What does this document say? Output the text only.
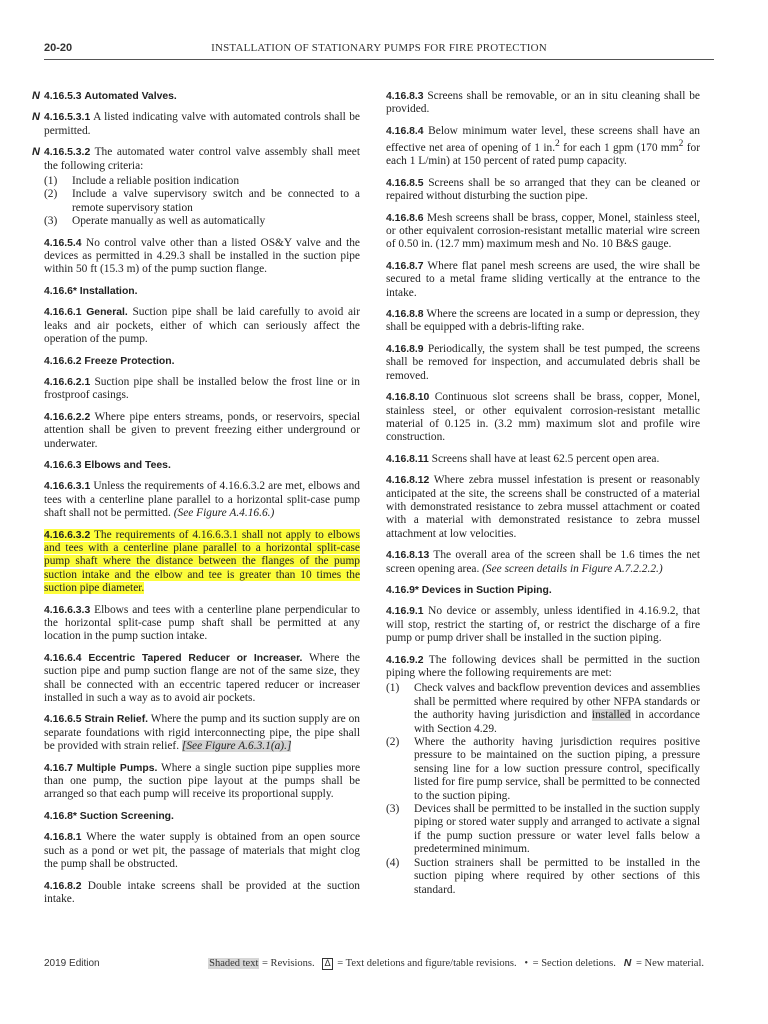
20-20	INSTALLATION OF STATIONARY PUMPS FOR FIRE PROTECTION

N 4.16.5.3 Automated Valves.

N 4.16.5.3.1 A listed indicating valve with automated controls shall be permitted.

N 4.16.5.3.2 The automated water control valve assembly shall meet the following criteria:

(1) Include a reliable position indication
(2) Include a valve supervisory switch and be connected to a remote supervisory station
(3) Operate manually as well as automatically

4.16.5.4 No control valve other than a listed OS&Y valve and the devices as permitted in 4.29.3 shall be installed in the suction pipe within 50 ft (15.3 m) of the pump suction flange.

4.16.6* Installation.

4.16.6.1 General. Suction pipe shall be laid carefully to avoid air leaks and air pockets, either of which can seriously affect the operation of the pump.

4.16.6.2 Freeze Protection.

4.16.6.2.1 Suction pipe shall be installed below the frost line or in frostproof casings.

4.16.6.2.2 Where pipe enters streams, ponds, or reservoirs, special attention shall be given to prevent freezing either underground or underwater.

4.16.6.3 Elbows and Tees.

4.16.6.3.1 Unless the requirements of 4.16.6.3.2 are met, elbows and tees with a centerline plane parallel to a horizontal split-case pump shaft shall not be permitted. (See Figure A.4.16.6.)

4.16.6.3.2 The requirements of 4.16.6.3.1 shall not apply to elbows and tees with a centerline plane parallel to a horizontal split-case pump shaft where the distance between the flanges of the pump suction intake and the elbow and tee is greater than 10 times the suction pipe diameter.

4.16.6.3.3 Elbows and tees with a centerline plane perpendicular to the horizontal split-case pump shaft shall be permitted at any location in the pump suction intake.

4.16.6.4 Eccentric Tapered Reducer or Increaser. Where the suction pipe and pump suction flange are not of the same size, they shall be connected with an eccentric tapered reducer or increaser installed in such a way as to avoid air pockets.

4.16.6.5 Strain Relief. Where the pump and its suction supply are on separate foundations with rigid interconnecting pipe, the pipe shall be provided with strain relief. [See Figure A.6.3.1(a).]

4.16.7 Multiple Pumps. Where a single suction pipe supplies more than one pump, the suction pipe layout at the pumps shall be arranged so that each pump will receive its proportional supply.

4.16.8* Suction Screening.

4.16.8.1 Where the water supply is obtained from an open source such as a pond or wet pit, the passage of materials that might clog the pump shall be obstructed.

4.16.8.2 Double intake screens shall be provided at the suction intake.

4.16.8.3 Screens shall be removable, or an in situ cleaning shall be provided.

4.16.8.4 Below minimum water level, these screens shall have an effective net area of opening of 1 in.$^2$ for each 1 gpm (170 $mm^2$ for each 1 L/min) at 150 percent of rated pump capacity.

4.16.8.5 Screens shall be so arranged that they can be cleaned or repaired without disturbing the suction pipe.

4.16.8.6 Mesh screens shall be brass, copper, Monel, stainless steel, or other equivalent corrosion-resistant metallic material wire screen of 0.50 in. (12.7 mm) maximum mesh and No. 10 B&S gauge.

4.16.8.7 Where flat panel mesh screens are used, the wire shall be secured to a metal frame sliding vertically at the entrance to the intake.

4.16.8.8 Where the screens are located in a sump or depression, they shall be equipped with a debris-lifting rake.

4.16.8.9 Periodically, the system shall be test pumped, the screens shall be removed for inspection, and accumulated debris shall be removed.

4.16.8.10 Continuous slot screens shall be brass, copper, Monel, stainless steel, or other equivalent corrosion-resistant metallic material of 0.125 in. (3.2 mm) maximum slot and profile wire construction.

4.16.8.11 Screens shall have at least 62.5 percent open area.

4.16.8.12 Where zebra mussel infestation is present or reasonably anticipated at the site, the screens shall be constructed of a material with demonstrated resistance to zebra mussel attachment or coated with a material with demonstrated resistance to zebra mussel attachment at low velocities.

4.16.8.13 The overall area of the screen shall be 1.6 times the net screen opening area. (See screen details in Figure A.7.2.2.2.)

4.16.9* Devices in Suction Piping.

4.16.9.1 No device or assembly, unless identified in 4.16.9.2, that will stop, restrict the starting of, or restrict the discharge of a fire pump or pump driver shall be installed in the suction piping.

4.16.9.2 The following devices shall be permitted in the suction piping where the following requirements are met:

(1) Check valves and backflow prevention devices and assemblies shall be permitted where required by other NFPA standards or the authority having jurisdiction and installed in accordance with Section 4.29.
(2) Where the authority having jurisdiction requires positive pressure to be maintained on the suction piping, a pressure sensing line for a low suction pressure control, specifically listed for fire pump service, shall be permitted to be connected to the suction piping.
(3) Devices shall be permitted to be installed in the suction supply piping or stored water supply and arranged to activate a signal if the pump suction pressure or water level falls below a predetermined minimum.
(4) Suction strainers shall be permitted to be installed in the suction piping where required by other sections of this standard.
2019 Edition	Shaded text = Revisions. Δ = Text deletions and figure/table revisions. • = Section deletions. N = New material.
